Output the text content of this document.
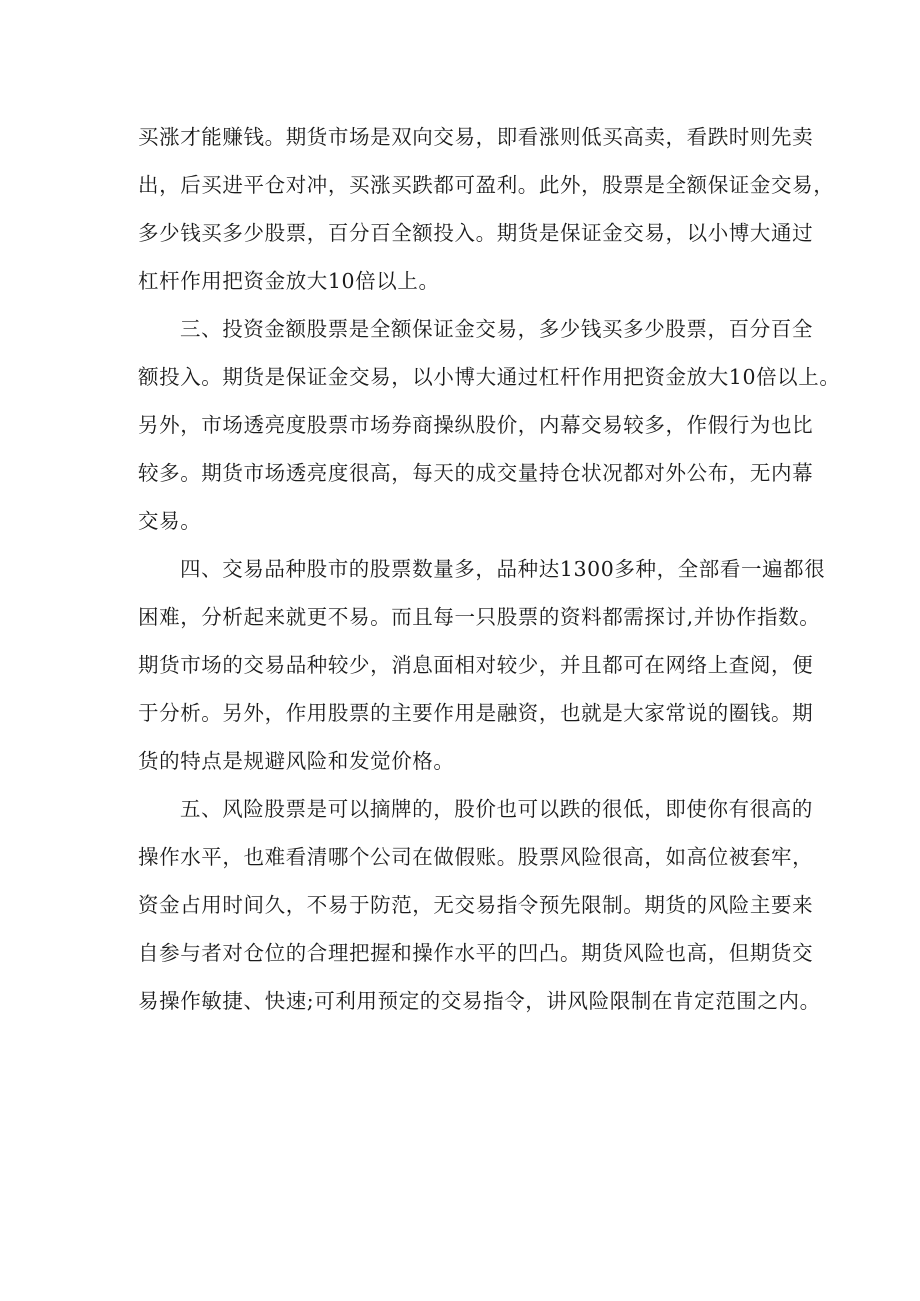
买涨才能赚钱。期货市场是双向交易，即看涨则低买高卖，看跌时则先卖
出，后买进平仓对冲，买涨买跌都可盈利。此外，股票是全额保证金交易，
多少钱买多少股票，百分百全额投入。期货是保证金交易，以小博大通过
杠杆作用把资金放大10倍以上。
三、投资金额股票是全额保证金交易，多少钱买多少股票，百分百全
额投入。期货是保证金交易，以小博大通过杠杆作用把资金放大10倍以上。
另外，市场透亮度股票市场券商操纵股价，内幕交易较多，作假行为也比
较多。期货市场透亮度很高，每天的成交量持仓状况都对外公布，无内幕
交易。
四、交易品种股市的股票数量多，品种达1300多种，全部看一遍都很
困难，分析起来就更不易。而且每一只股票的资料都需探讨,并协作指数。
期货市场的交易品种较少，消息面相对较少，并且都可在网络上查阅，便
于分析。另外，作用股票的主要作用是融资，也就是大家常说的圈钱。期
货的特点是规避风险和发觉价格。
五、风险股票是可以摘牌的，股价也可以跌的很低，即使你有很高的
操作水平，也难看清哪个公司在做假账。股票风险很高，如高位被套牢，
资金占用时间久，不易于防范，无交易指令预先限制。期货的风险主要来
自参与者对仓位的合理把握和操作水平的凹凸。期货风险也高，但期货交
易操作敏捷、快速;可利用预定的交易指令，讲风险限制在肯定范围之内。
